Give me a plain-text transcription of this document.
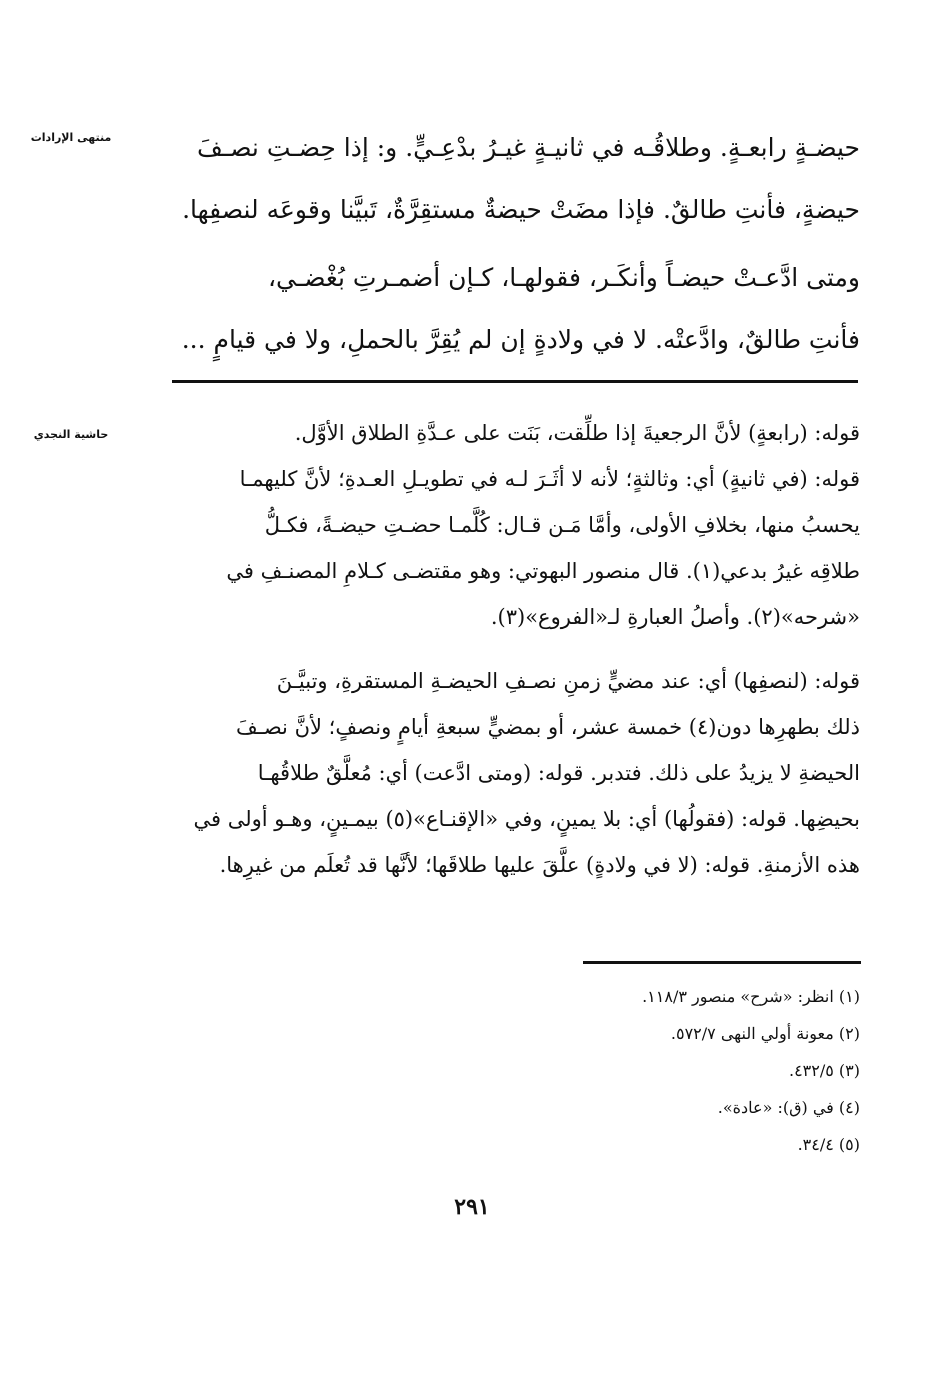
منتهى الإرادات	حيضـةٍ رابعـةٍ. وطلاقُـه في ثانيـةٍ غيـرُ بدْعِـيٍّ. و: إذا حِضـتِ نصـفَ
حيضةٍ، فأنتِ طالقٌ. فإذا مضَتْ حيضةٌ مستقِرَّةٌ، تَبيَّنا وقوعَه لنصفِها.
ومتى ادَّعـتْ حيضـاً وأنكَـر، فقولهـا، كـإن أضمـرتِ بُغْضـي،
فأنتِ طالقٌ، وادَّعتْه. لا في ولادةٍ إن لم يُقِرَّ بالحملِ، ولا في قيامٍ ...
حاشية النجدي	قوله: (رابعةٍ) لأنَّ الرجعيةَ إذا طلِّقت، بَنَت على عـدَّةِ الطلاق الأوَّل.
قوله: (في ثانيةٍ) أي: وثالثةٍ؛ لأنه لا أثَـرَ لـه في تطويـلِ العـدةِ؛ لأنَّ كليهمـا
يحسبُ منها، بخلافِ الأولى، وأمَّا مَـن قـال: كُلَّمـا حضـتِ حيضـةً، فكـلُّ
طلاقِه غيرُ بدعي(١). قال منصور البهوتي: وهو مقتضـى كـلامِ المصنـفِ في
«شرحه»(٢). وأصلُ العبارةِ لـ«الفروع»(٣).
قوله: (لنصفِها) أي: عند مضيٍّ زمنِ نصـفِ الحيضـةِ المستقرةِ، وتبيَّـنَ
ذلك بطهرِها دون(٤) خمسة عشر، أو بمضيٍّ سبعةِ أيامٍ ونصفٍ؛ لأنَّ نصـفَ
الحيضةِ لا يزيدُ على ذلك. فتدبر. قوله: (ومتى ادَّعت) أي: مُعلَّقٌ طلاقُهـا
بحيضِها. قوله: (فقولُها) أي: بلا يمينٍ، وفي «الإقنـاع»(٥) بيمـينٍ، وهـو أولى في
هذه الأزمنةِ. قوله: (لا في ولادةٍ) علَّقَ عليها طلاقَها؛ لأنَّها قد تُعلَم من غيرِها.
(١) انظر: «شرح» منصور ١١٨/٣.
(٢) معونة أولي النهى ٥٧٢/٧.
(٣) ٤٣٢/٥.
(٤) في (ق): «عادة».
(٥) ٣٤/٤.
٢٩١
